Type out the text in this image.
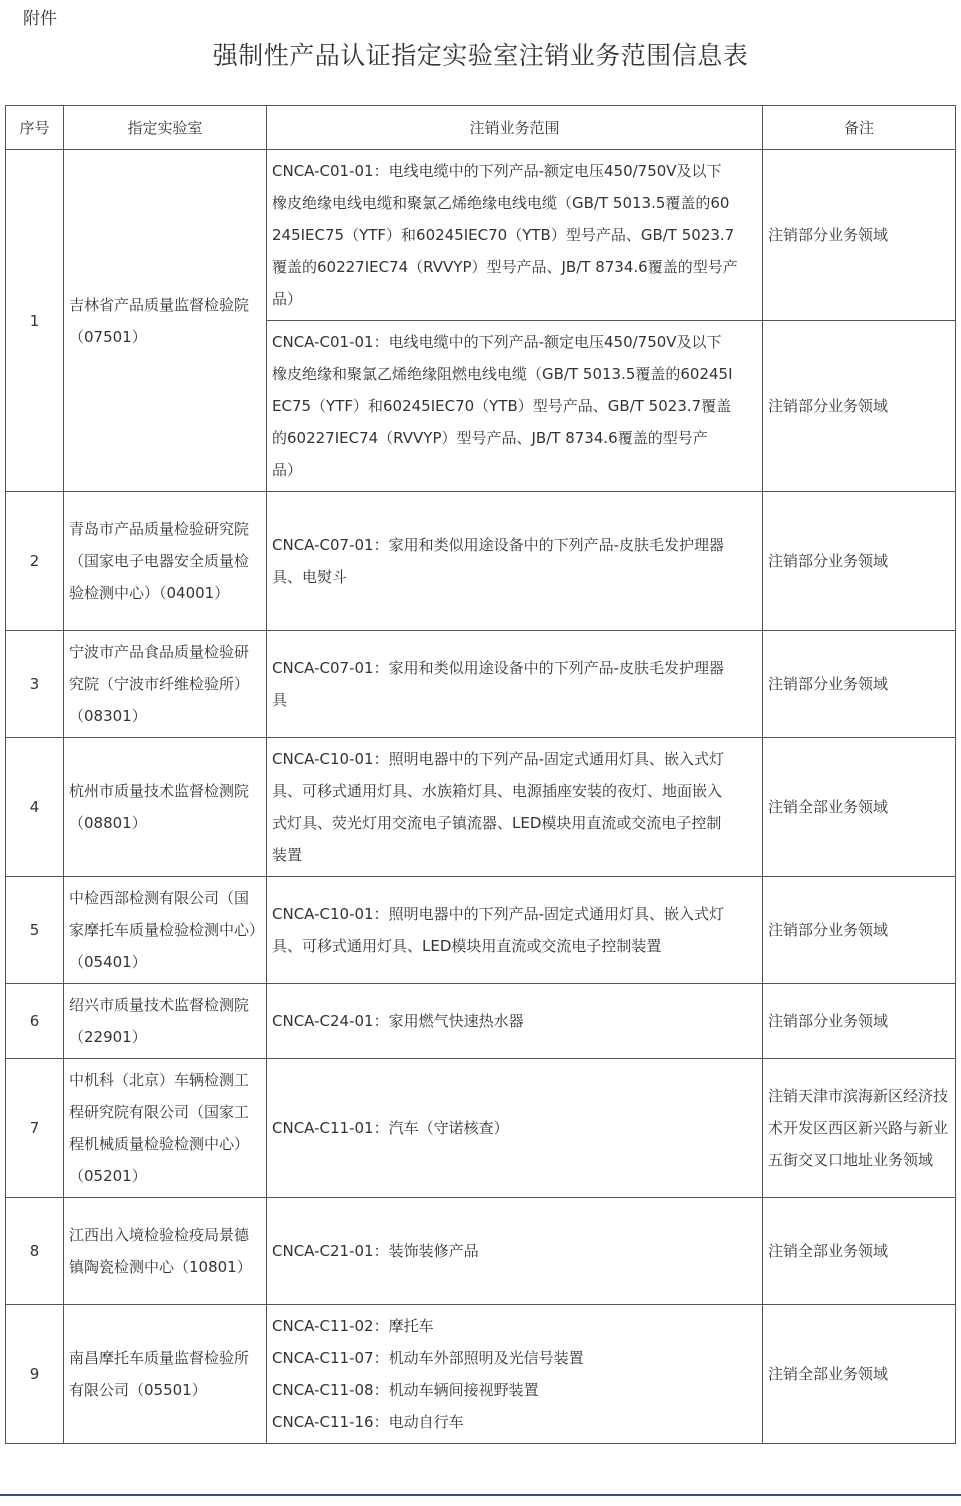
附件
强制性产品认证指定实验室注销业务范围信息表
序号	指定实验室	注销业务范围	备注
1	吉林省产品质量监督检验院（07501）	CNCA-C01-01：电线电缆中的下列产品-额定电压450/750V及以下
橡皮绝缘电线电缆和聚氯乙烯绝缘电线电缆（GB/T 5013.5覆盖的60
245IEC75（YTF）和60245IEC70（YTB）型号产品、GB/T 5023.7
覆盖的60227IEC74（RVVYP）型号产品、JB/T 8734.6覆盖的型号产
品）	注销部分业务领域

		CNCA-C01-01：电线电缆中的下列产品-额定电压450/750V及以下
橡皮绝缘和聚氯乙烯绝缘阻燃电线电缆（GB/T 5013.5覆盖的60245I
EC75（YTF）和60245IEC70（YTB）型号产品、GB/T 5023.7覆盖
的60227IEC74（RVVYP）型号产品、JB/T 8734.6覆盖的型号产
品）	注销部分业务领域
2	青岛市产品质量检验研究院（国家电子电器安全质量检验检测中心）（04001）	CNCA-C07-01：家用和类似用途设备中的下列产品-皮肤毛发护理器
具、电熨斗	注销部分业务领域
3	宁波市产品食品质量检验研究院（宁波市纤维检验所）（08301）	CNCA-C07-01：家用和类似用途设备中的下列产品-皮肤毛发护理器
具	注销部分业务领域
4	杭州市质量技术监督检测院（08801）	CNCA-C10-01：照明电器中的下列产品-固定式通用灯具、嵌入式灯
具、可移式通用灯具、水族箱灯具、电源插座安装的夜灯、地面嵌入
式灯具、荧光灯用交流电子镇流器、LED模块用直流或交流电子控制
装置	注销全部业务领域
5	中检西部检测有限公司（国家摩托车质量检验检测中心）（05401）	CNCA-C10-01：照明电器中的下列产品-固定式通用灯具、嵌入式灯
具、可移式通用灯具、LED模块用直流或交流电子控制装置	注销部分业务领域
6	绍兴市质量技术监督检测院（22901）	CNCA-C24-01：家用燃气快速热水器	注销部分业务领域
7	中机科（北京）车辆检测工程研究院有限公司（国家工程机械质量检验检测中心）（05201）	CNCA-C11-01：汽车（守诺核查）	注销天津市滨海新区经济技术开发区西区新兴路与新业五街交叉口地址业务领域
8	江西出入境检验检疫局景德镇陶瓷检测中心（10801）	CNCA-C21-01：装饰装修产品	注销全部业务领域
9	南昌摩托车质量监督检验所有限公司（05501）	CNCA-C11-02：摩托车
CNCA-C11-07：机动车外部照明及光信号装置
CNCA-C11-08：机动车辆间接视野装置
CNCA-C11-16：电动自行车	注销全部业务领域
